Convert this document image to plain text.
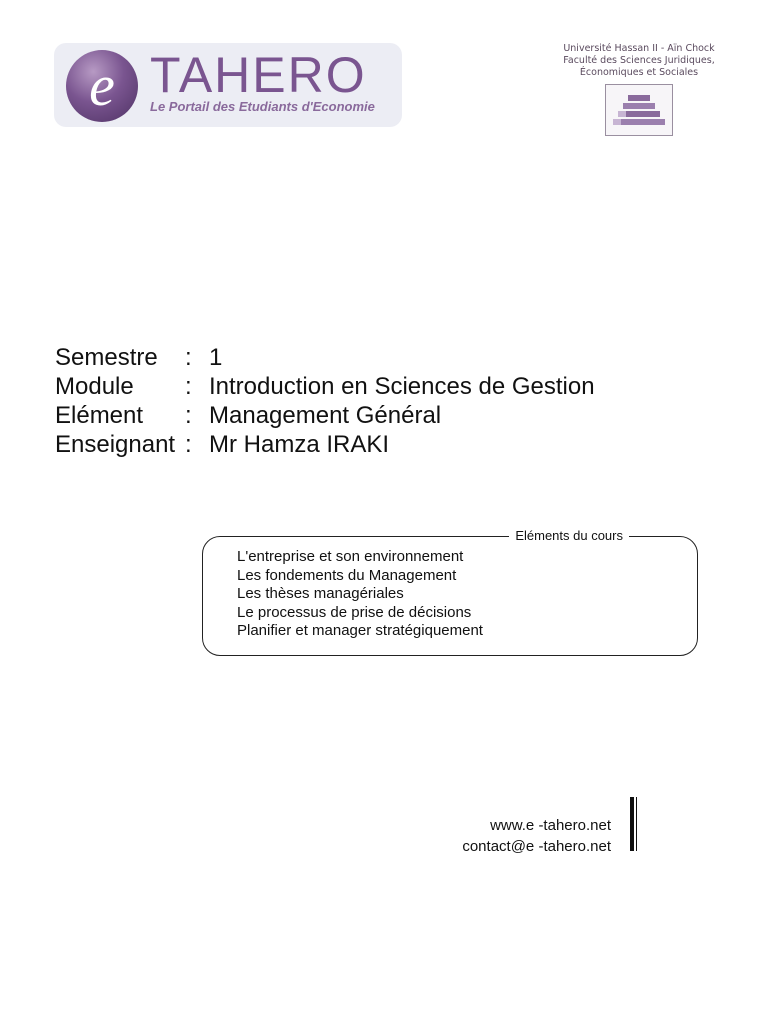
e TAHERO
Le Portail des Etudiants d'Economie
Université Hassan II - Aïn Chock
Faculté des Sciences Juridiques,
Économiques et Sociales
Semestre	: 1
Module	: Introduction en Sciences de Gestion
Elément	: Management Général
Enseignant : Mr Hamza IRAKI
Eléments du cours
L'entreprise et son environnement
Les fondements du Management
Les thèses managériales
Le processus de prise de décisions
Planifier et manager stratégiquement
www.e -tahero.net
contact@e -tahero.net
